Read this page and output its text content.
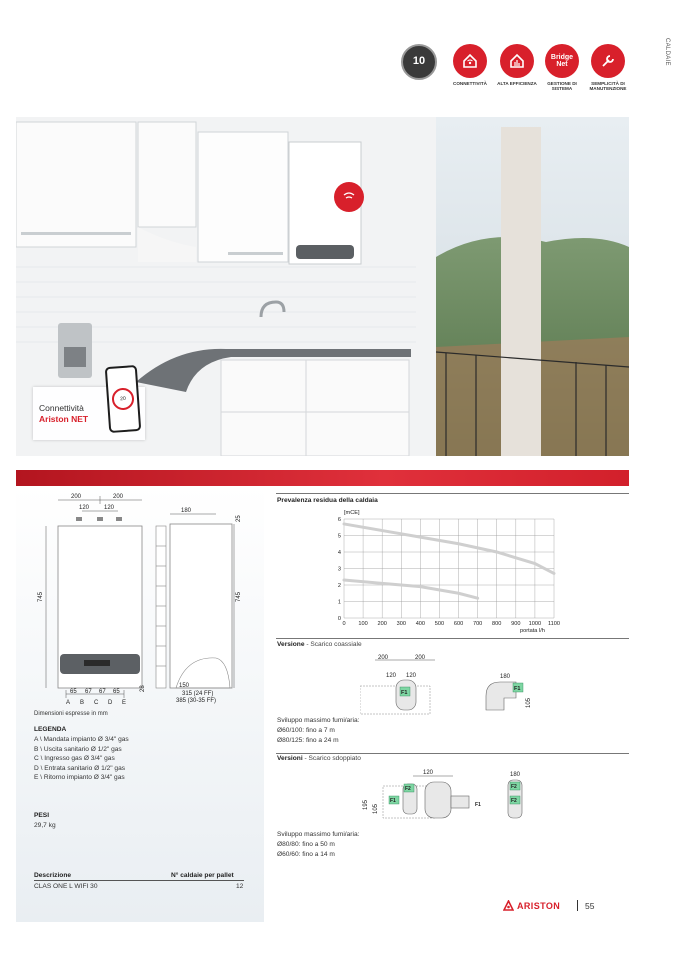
CALDAIE
10
CONNETTIVITÀ	ALTA EFFICIENZA
Bridge Net
GESTIONE DI SISTEMA
SEMPLICITÀ DI MANUTENZIONE
Connettività
Ariston NET
20
200	200
120 120
745
65 67 67 65
A B C D E
28
180
25
745
150
315 (24 FF)
385 (30-35 FF)
Dimensioni espresse in mm
LEGENDA
A \ Mandata impianto Ø 3/4" gas
B \ Uscita sanitario Ø 1/2" gas
C \ Ingresso gas Ø 3/4" gas
D \ Entrata sanitario Ø 1/2" gas
E \ Ritorno impianto Ø 3/4" gas
PESI
29,7 kg
Descrizione	N° caldaie per pallet
CLAS ONE L WIFI 30	12
Prevalenza residua della caldaia
[mCE]
portata l/h
0 100 200 300 400 500 600 700 800 900 1000 1100
0
1
2
3
4
5
6
Versione - Scarico coassiale
200	200
120 120
F1
180
F1
105
Sviluppo massimo fumi/aria:
Ø60/100: fino a 7 m
Ø80/125: fino a 24 m
Versioni - Scarico sdoppiato
120
195 105
F2
F1
180
F2
F2
F1
Sviluppo massimo fumi/aria:
Ø80/80: fino a 50 m
Ø60/60: fino a 14 m
ARISTON	55
